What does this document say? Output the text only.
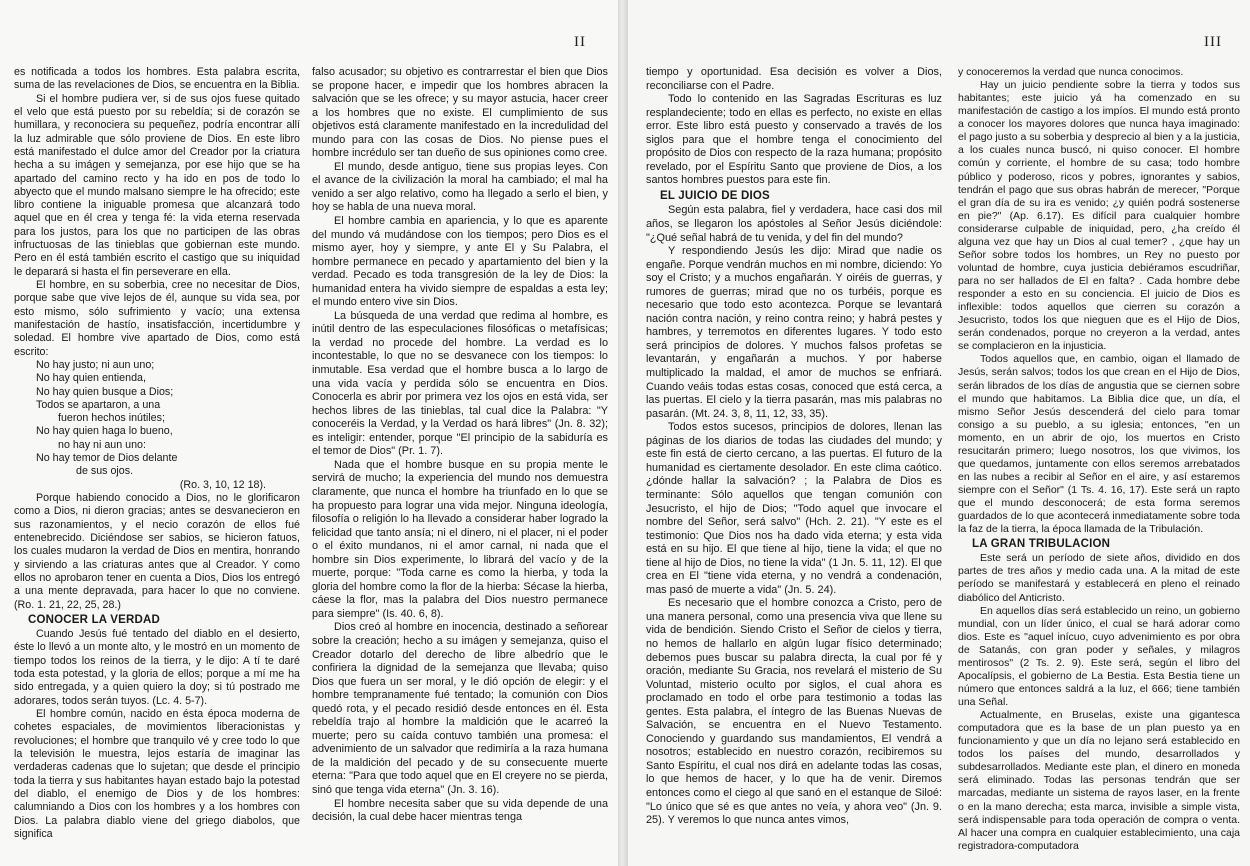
II

es notificada a todos los hombres. Esta palabra escrita, suma de las revelaciones de Dios, se encuentra en la Biblia.

Si el hombre pudiera ver, si de sus ojos fuese quitado el velo que está puesto por su rebeldía; si de corazón se humillara, y reconociera su pequeñez, podría encontrar allí la luz admirable que sólo proviene de Dios. En este libro está manifestado el dulce amor del Creador por la criatura hecha a su imágen y semejanza, por ese hijo que se ha apartado del camino recto y ha ido en pos de todo lo abyecto que el mundo malsano siempre le ha ofrecido; este libro contiene la iniguable promesa que alcanzará todo aquel que en él crea y tenga fé: la vida eterna reservada para los justos, para los que no participen de las obras infructuosas de las tinieblas que gobiernan este mundo. Pero en él está también escrito el castigo que su iniquidad le deparará si hasta el fin perseverare en ella.

El hombre, en su soberbia, cree no necesitar de Dios, porque sabe que vive lejos de él, aunque su vida sea, por esto mismo, sólo sufrimiento y vacío; una extensa manifestación de hastío, insatisfacción, incertidumbre y soledad. El hombre vive apartado de Dios, como está escrito:

No hay justo; ni aun uno;
No hay quien entienda,
No hay quien busque a Dios;
Todos se apartaron, a una
fueron hechos inútiles;
No hay quien haga lo bueno,
no hay ni aun uno:
No hay temor de Dios delante
de sus ojos.
(Ro. 3, 10, 12 18).

Porque habiendo conocido a Dios, no le glorificaron como a Dios, ni dieron gracias; antes se desvanecieron en sus razonamientos, y el necio corazón de ellos fué entenebrecido. Diciéndose ser sabios, se hicieron fatuos, los cuales mudaron la verdad de Dios en mentira, honrando y sirviendo a las criaturas antes que al Creador. Y como ellos no aprobaron tener en cuenta a Dios, Dios los entregó a una mente depravada, para hacer lo que no conviene. (Ro. 1. 21, 22, 25, 28.)

CONOCER LA VERDAD

Cuando Jesús fué tentado del diablo en el desierto, éste lo llevó a un monte alto, y le mostró en un momento de tiempo todos los reinos de la tierra, y le dijo: A tí te daré toda esta potestad, y la gloria de ellos; porque a mí me ha sido entregada, y a quien quiero la doy; si tú postrado me adorares, todos serán tuyos. (Lc. 4. 5-7).

El hombre común, nacido en ésta época moderna de cohetes espaciales, de movimientos liberacionistas y revoluciones; el hombre que tranquilo vé y cree todo lo que la televisión le muestra, lejos estaría de imaginar las verdaderas cadenas que lo sujetan; que desde el principio toda la tierra y sus habitantes hayan estado bajo la potestad del diablo, el enemigo de Dios y de los hombres: calumniando a Dios con los hombres y a los hombres con Dios. La palabra diablo viene del griego diabolos, que significa

falso acusador; su objetivo es contrarrestar el bien que Dios se propone hacer, e impedir que los hombres abracen la salvación que se les ofrece; y su mayor astucia, hacer creer a los hombres que no existe. El cumplimiento de sus objetivos está claramente manifestado en la incredulidad del mundo para con las cosas de Dios. No piense pues el hombre incrédulo ser tan dueño de sus opiniones como cree.

El mundo, desde antiguo, tiene sus propias leyes. Con el avance de la civilización la moral ha cambiado; el mal ha venido a ser algo relativo, como ha llegado a serlo el bien, y hoy se habla de una nueva moral.

El hombre cambia en apariencia, y lo que es aparente del mundo vá mudándose con los tiempos; pero Dios es el mismo ayer, hoy y siempre, y ante El y Su Palabra, el hombre permanece en pecado y apartamiento del bien y la verdad. Pecado es toda transgresión de la ley de Dios: la humanidad entera ha vivido siempre de espaldas a esta ley; el mundo entero vive sin Dios.

La búsqueda de una verdad que redima al hombre, es inútil dentro de las especulaciones filosóficas o metafísicas; la verdad no procede del hombre. La verdad es lo incontestable, lo que no se desvanece con los tiempos: lo inmutable. Esa verdad que el hombre busca a lo largo de una vida vacía y perdida sólo se encuentra en Dios. Conocerla es abrir por primera vez los ojos en está vida, ser hechos libres de las tinieblas, tal cual dice la Palabra: "Y conoceréis la Verdad, y la Verdad os hará libres" (Jn. 8. 32); es inteligir: entender, porque "El principio de la sabiduría es el temor de Dios" (Pr. 1. 7).

Nada que el hombre busque en su propia mente le servirá de mucho; la experiencia del mundo nos demuestra claramente, que nunca el hombre ha triunfado en lo que se ha propuesto para lograr una vida mejor. Ninguna ideología, filosofía o religión lo ha llevado a considerar haber logrado la felicidad que tanto ansía; ni el dinero, ni el placer, ni el poder o el éxito mundanos, ni el amor carnal, ni nada que el hombre sin Dios experimente, lo librará del vacío y de la muerte, porque: "Toda carne es como la hierba, y toda la gloria del hombre como la flor de la hierba: Sécase la hierba, cáese la flor, mas la palabra del Dios nuestro permanece para siempre" (Is. 40. 6, 8).

Dios creó al hombre en inocencia, destinado a señorear sobre la creación; hecho a su imágen y semejanza, quiso el Creador dotarlo del derecho de libre albedrío que le confiriera la dignidad de la semejanza que llevaba; quiso Dios que fuera un ser moral, y le dió opción de elegir: y el hombre tempranamente fué tentado; la comunión con Dios quedó rota, y el pecado residió desde entonces en él. Esta rebeldía trajo al hombre la maldición que le acarreó la muerte; pero su caída contuvo también una promesa: el advenimiento de un salvador que redimiría a la raza humana de la maldición del pecado y de su consecuente muerte eterna: "Para que todo aquel que en El creyere no se pierda, sinó que tenga vida eterna" (Jn. 3. 16).

El hombre necesita saber que su vida depende de una decisión, la cual debe hacer mientras tenga

III

tiempo y oportunidad. Esa decisión es volver a Dios, reconciliarse con el Padre.

Todo lo contenido en las Sagradas Escrituras es luz resplandeciente; todo en ellas es perfecto, no existe en ellas error. Este libro está puesto y conservado a través de los siglos para que el hombre tenga el conocimiento del propósito de Dios con respecto de la raza humana; propósito revelado, por el Espíritu Santo que proviene de Dios, a los santos hombres puestos para este fin.

EL JUICIO DE DIOS

Según esta palabra, fiel y verdadera, hace casi dos mil años, se llegaron los apóstoles al Señor Jesús diciéndole: "¿Qué señal habrá de tu venida, y del fin del mundo?

Y respondiendo Jesús les dijo: Mirad que nadie os engañe. Porque vendrán muchos en mi nombre, diciendo: Yo soy el Cristo; y a muchos engañarán. Y oiréis de guerras, y rumores de guerras; mirad que no os turbéis, porque es necesario que todo esto acontezca. Porque se levantará nación contra nación, y reino contra reino; y habrá pestes y hambres, y terremotos en diferentes lugares. Y todo esto será principios de dolores. Y muchos falsos profetas se levantarán, y engañarán a muchos. Y por haberse multiplicado la maldad, el amor de muchos se enfriará. Cuando veáis todas estas cosas, conoced que está cerca, a las puertas. El cielo y la tierra pasarán, mas mis palabras no pasarán. (Mt. 24. 3, 8, 11, 12, 33, 35).

Todos estos sucesos, principios de dolores, llenan las páginas de los diarios de todas las ciudades del mundo; y este fin está de cierto cercano, a las puertas. El futuro de la humanidad es ciertamente desolador. En este clima caótico. ¿dónde hallar la salvación? ; la Palabra de Dios es terminante: Sólo aquellos que tengan comunión con Jesucristo, el hijo de Dios; "Todo aquel que invocare el nombre del Señor, será salvo" (Hch. 2. 21). "Y este es el testimonio: Que Dios nos ha dado vida eterna; y esta vida está en su hijo. El que tiene al hijo, tiene la vida; el que no tiene al hijo de Dios, no tiene la vida" (1 Jn. 5. 11, 12). El que crea en El "tiene vida eterna, y no vendrá a condenación, mas pasó de muerte a vida" (Jn. 5. 24).

Es necesario que el hombre conozca a Cristo, pero de una manera personal, como una presencia viva que llene su vida de bendición. Siendo Cristo el Señor de cielos y tierra, no hemos de hallarlo en algún lugar físico determinado; debemos pues buscar su palabra directa, la cual por fé y oración, mediante Su Gracia, nos revelará el misterio de Su Voluntad, misterio oculto por siglos, el cual ahora es proclamado en todo el orbe para testimonio a todas las gentes. Esta palabra, el íntegro de las Buenas Nuevas de Salvación, se encuentra en el Nuevo Testamento. Conociendo y guardando sus mandamientos, El vendrá a nosotros; establecido en nuestro corazón, recibiremos su Santo Espíritu, el cual nos dirá en adelante todas las cosas, lo que hemos de hacer, y lo que ha de venir. Diremos entonces como el ciego al que sanó en el estanque de Siloé: "Lo único que sé es que antes no veía, y ahora veo" (Jn. 9. 25). Y veremos lo que nunca antes vimos,

y conoceremos la verdad que nunca conocimos.

Hay un juicio pendiente sobre la tierra y todos sus habitantes; este juicio yá ha comenzado en su manifestación de castigo a los impíos. El mundo está pronto a conocer los mayores dolores que nunca haya imaginado: el pago justo a su soberbia y desprecio al bien y a la justicia, a los cuales nunca buscó, ni quiso conocer. El hombre común y corriente, el hombre de su casa; todo hombre público y poderoso, ricos y pobres, ignorantes y sabios, tendrán el pago que sus obras habrán de merecer, "Porque el gran día de su ira es venido; ¿y quién podrá sostenerse en pie?" (Ap. 6.17). Es difícil para cualquier hombre considerarse culpable de iniquidad, pero, ¿ha creído él alguna vez que hay un Dios al cual temer? , ¿que hay un Señor sobre todos los hombres, un Rey no puesto por voluntad de hombre, cuya justicia debiéramos escudriñar, para no ser hallados de El en falta? . Cada hombre debe responder a esto en su conciencia. El juicio de Dios es inflexible: todos aquellos que cierren su corazón a Jesucristo, todos los que nieguen que es el Hijo de Dios, serán condenados, porque no creyeron a la verdad, antes se complacieron en la injusticia.

Todos aquellos que, en cambio, oigan el llamado de Jesús, serán salvos; todos los que crean en el Hijo de Dios, serán librados de los días de angustia que se ciernen sobre el mundo que habitamos. La Biblia dice que, un día, el mismo Señor Jesús descenderá del cielo para tomar consigo a su pueblo, a su iglesia; entonces, "en un momento, en un abrir de ojo, los muertos en Cristo resucitarán primero; luego nosotros, los que vivimos, los que quedamos, juntamente con ellos seremos arrebatados en las nubes a recibir al Señor en el aire, y así estaremos siempre con el Señor" (1 Ts. 4. 16, 17). Este será un rapto que el mundo desconocerá; de esta forma seremos guardados de lo que acontecerá inmediatamente sobre toda la faz de la tierra, la época llamada de la Tribulación.

LA GRAN TRIBULACION

Este será un período de siete años, dividido en dos partes de tres años y medio cada una. A la mitad de este período se manifestará y establecerá en pleno el reinado diabólico del Anticristo.

En aquellos días será establecido un reino, un gobierno mundial, con un líder único, el cual se hará adorar como dios. Este es "aquel inícuo, cuyo advenimiento es por obra de Satanás, con gran poder y señales, y milagros mentirosos" (2 Ts. 2. 9). Este será, según el libro del Apocalípsis, el gobierno de La Bestia. Esta Bestia tiene un número que entonces saldrá a la luz, el 666; tiene también una Señal.

Actualmente, en Bruselas, existe una gigantesca computadora que es la base de un plan puesto ya en funcionamiento y que un día no lejano será establecido en todos los países del mundo, desarrollados y subdesarrollados. Mediante este plan, el dinero en moneda será eliminado. Todas las personas tendrán que ser marcadas, mediante un sistema de rayos laser, en la frente o en la mano derecha; esta marca, invisible a simple vista, será indispensable para toda operación de compra o venta. Al hacer una compra en cualquier establecimiento, una caja registradora-computadora
